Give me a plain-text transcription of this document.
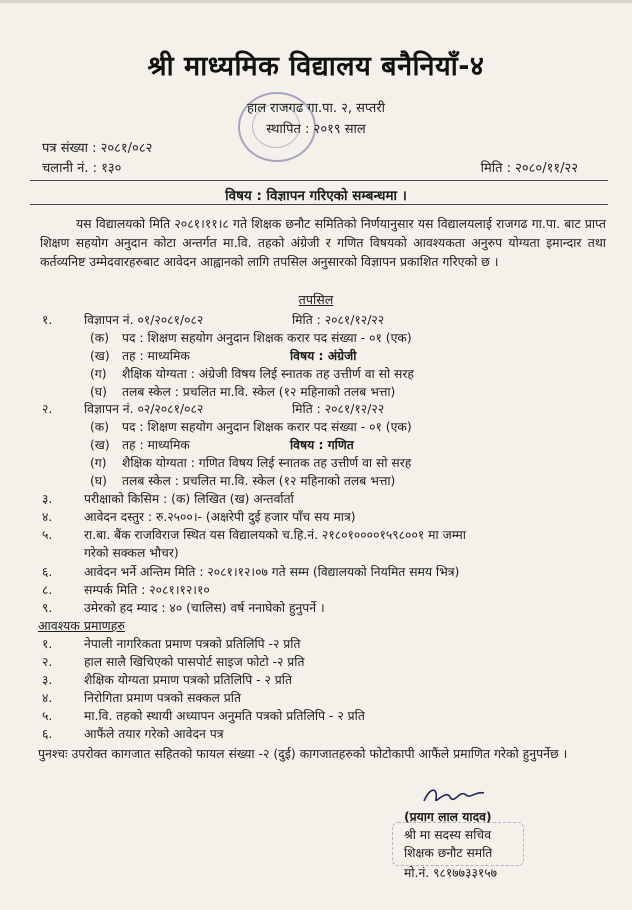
श्री माध्यमिक विद्यालय बनैनियाँ-४
हाल राजगढ गा.पा. २, सप्तरी
स्थापित : २०१९ साल
पत्र संख्या : २०८१/०८२
चलानी नं. : १३०	मिति : २०८०/११/२२
विषय : विज्ञापन गरिएको सम्बन्धमा ।
यस विद्यालयको मिति २०८१।११।८ गते शिक्षक छनौट समितिको निर्णयानुसार यस विद्यालयलाई राजगढ गा.पा. बाट प्राप्त शिक्षण सहयोग अनुदान कोटा अन्तर्गत मा.वि. तहको अंग्रेजी र गणित विषयको आवश्यकता अनुरुप योग्यता इमान्दार तथा कर्तव्यनिष्ट उम्मेदवारहरुबाट आवेदन आह्वानको लागि तपसिल अनुसारको विज्ञापन प्रकाशित गरिएको छ ।
तपसिल
१.	विज्ञापन नं. ०१/२०८१/०८२	मिति : २०८१/१२/२२
(क) पद : शिक्षण सहयोग अनुदान शिक्षक करार पद संख्या - ०१ (एक)
(ख) तह : माध्यमिक	विषय : अंग्रेजी
(ग) शैक्षिक योग्यता : अंग्रेजी विषय लिई स्नातक तह उत्तीर्ण वा सो सरह
(घ) तलब स्केल : प्रचलित मा.वि. स्केल (१२ महिनाको तलब भत्ता)
२.	विज्ञापन नं. ०२/२०८१/०८२	मिति : २०८१/१२/२२
(क) पद : शिक्षण सहयोग अनुदान शिक्षक करार पद संख्या - ०१ (एक)
(ख) तह : माध्यमिक	विषय : गणित
(ग) शैक्षिक योग्यता : गणित विषय लिई स्नातक तह उत्तीर्ण वा सो सरह
(घ) तलब स्केल : प्रचलित मा.वि. स्केल (१२ महिनाको तलब भत्ता)
३.	परीक्षाको किसिम : (क) लिखित (ख) अन्तर्वार्ता
४.	आवेदन दस्तुर : रु.२५००।- (अक्षरेपी दुई हजार पाँच सय मात्र)
५.	रा.बा. बैंक राजविराज स्थित यस विद्यालयको च.हि.नं. २१८०१००००१५९८००१ मा जम्मा
गरेको सक्कल भौचर)
६.	आवेदन भर्ने अन्तिम मिति : २०८१।१२।०७ गते सम्म (विद्यालयको नियमित समय भित्र)
८.	सम्पर्क मिति : २०८१।१२।१०
९.	उमेरको हद म्याद : ४० (चालिस) वर्ष ननाघेको हुनुपर्ने ।
आवश्यक प्रमाणहरु
१.	नेपाली नागरिकता प्रमाण पत्रको प्रतिलिपि -२ प्रति
२.	हाल सालै खिचिएको पासपोर्ट साइज फोटो -२ प्रति
३.	शैक्षिक योग्यता प्रमाण पत्रको प्रतिलिपि - २ प्रति
४.	निरोगिता प्रमाण पत्रको सक्कल प्रति
५.	मा.वि. तहको स्थायी अध्यापन अनुमति पत्रको प्रतिलिपि - २ प्रति
६.	आफैंले तयार गरेको आवेदन पत्र
पुनश्चः उपरोक्त कागजात सहितको फायल संख्या -२ (दुई) कागजातहरुको फोटोकापी आफैंले प्रमाणित गरेको हुनुपर्नेछ ।
(प्रयाग लाल यादव)
श्री मा सदस्य सचिव
शिक्षक छनौट समति
मो.नं. ९८१७७३३१५७
